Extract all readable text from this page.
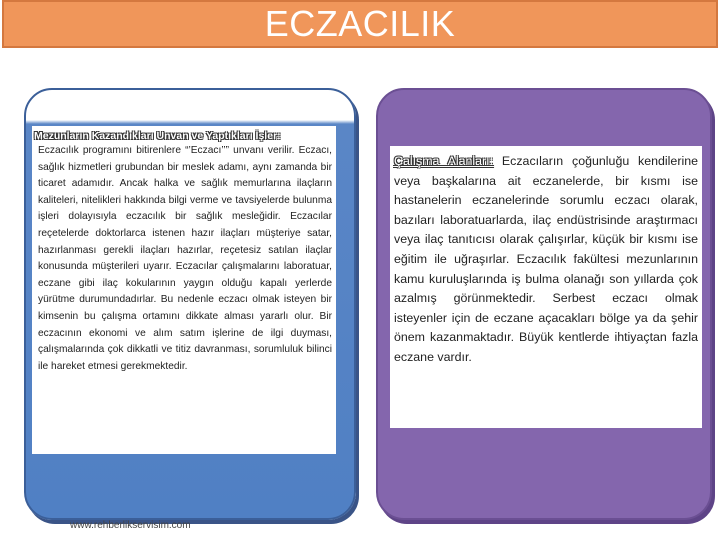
ECZACILIK

Mezunların Kazandıkları Unvan ve Yaptıkları İşler:

Eczacılık programını bitirenlere “’Eczacı’’” unvanı verilir. Eczacı, sağlık hizmetleri grubundan bir meslek adamı, aynı zamanda bir ticaret adamıdır. Ancak halka ve sağlık memurlarına ilaçların kaliteleri, nitelikleri hakkında bilgi verme ve tavsiyelerde bulunma işleri dolayısıyla eczacılık bir sağlık mesleğidir. Eczacılar reçetelerde doktorlarca istenen hazır ilaçları müşteriye satar, hazırlanması gerekli ilaçları hazırlar, reçetesiz satılan ilaçlar konusunda müşterileri uyarır. Eczacılar çalışmalarını laboratuar, eczane gibi ilaç kokularının yaygın olduğu kapalı yerlerde yürütme durumundadırlar. Bu nedenle eczacı olmak isteyen bir kimsenin bu çalışma ortamını dikkate alması yararlı olur. Bir eczacının ekonomi ve alım satım işlerine de ilgi duyması, çalışmalarında çok dikkatli ve titiz davranması, sorumluluk bilinci ile hareket etmesi gerekmektedir.

Çalışma Alanları: Eczacıların çoğunluğu kendilerine veya başkalarına ait eczanelerde, bir kısmı ise hastanelerin eczanelerinde sorumlu eczacı olarak, bazıları laboratuarlarda, ilaç endüstrisinde araştırmacı veya ilaç tanıtıcısı olarak çalışırlar, küçük bir kısmı ise eğitim ile uğraşırlar. Eczacılık fakültesi mezunlarının kamu kuruluşlarında iş bulma olanağı son yıllarda çok azalmış görünmektedir. Serbest eczacı olmak isteyenler için de eczane açacakları bölge ya da şehir önem kazanmaktadır. Büyük kentlerde ihtiyaçtan fazla eczane vardır.

www.rehberlikservisim.com
